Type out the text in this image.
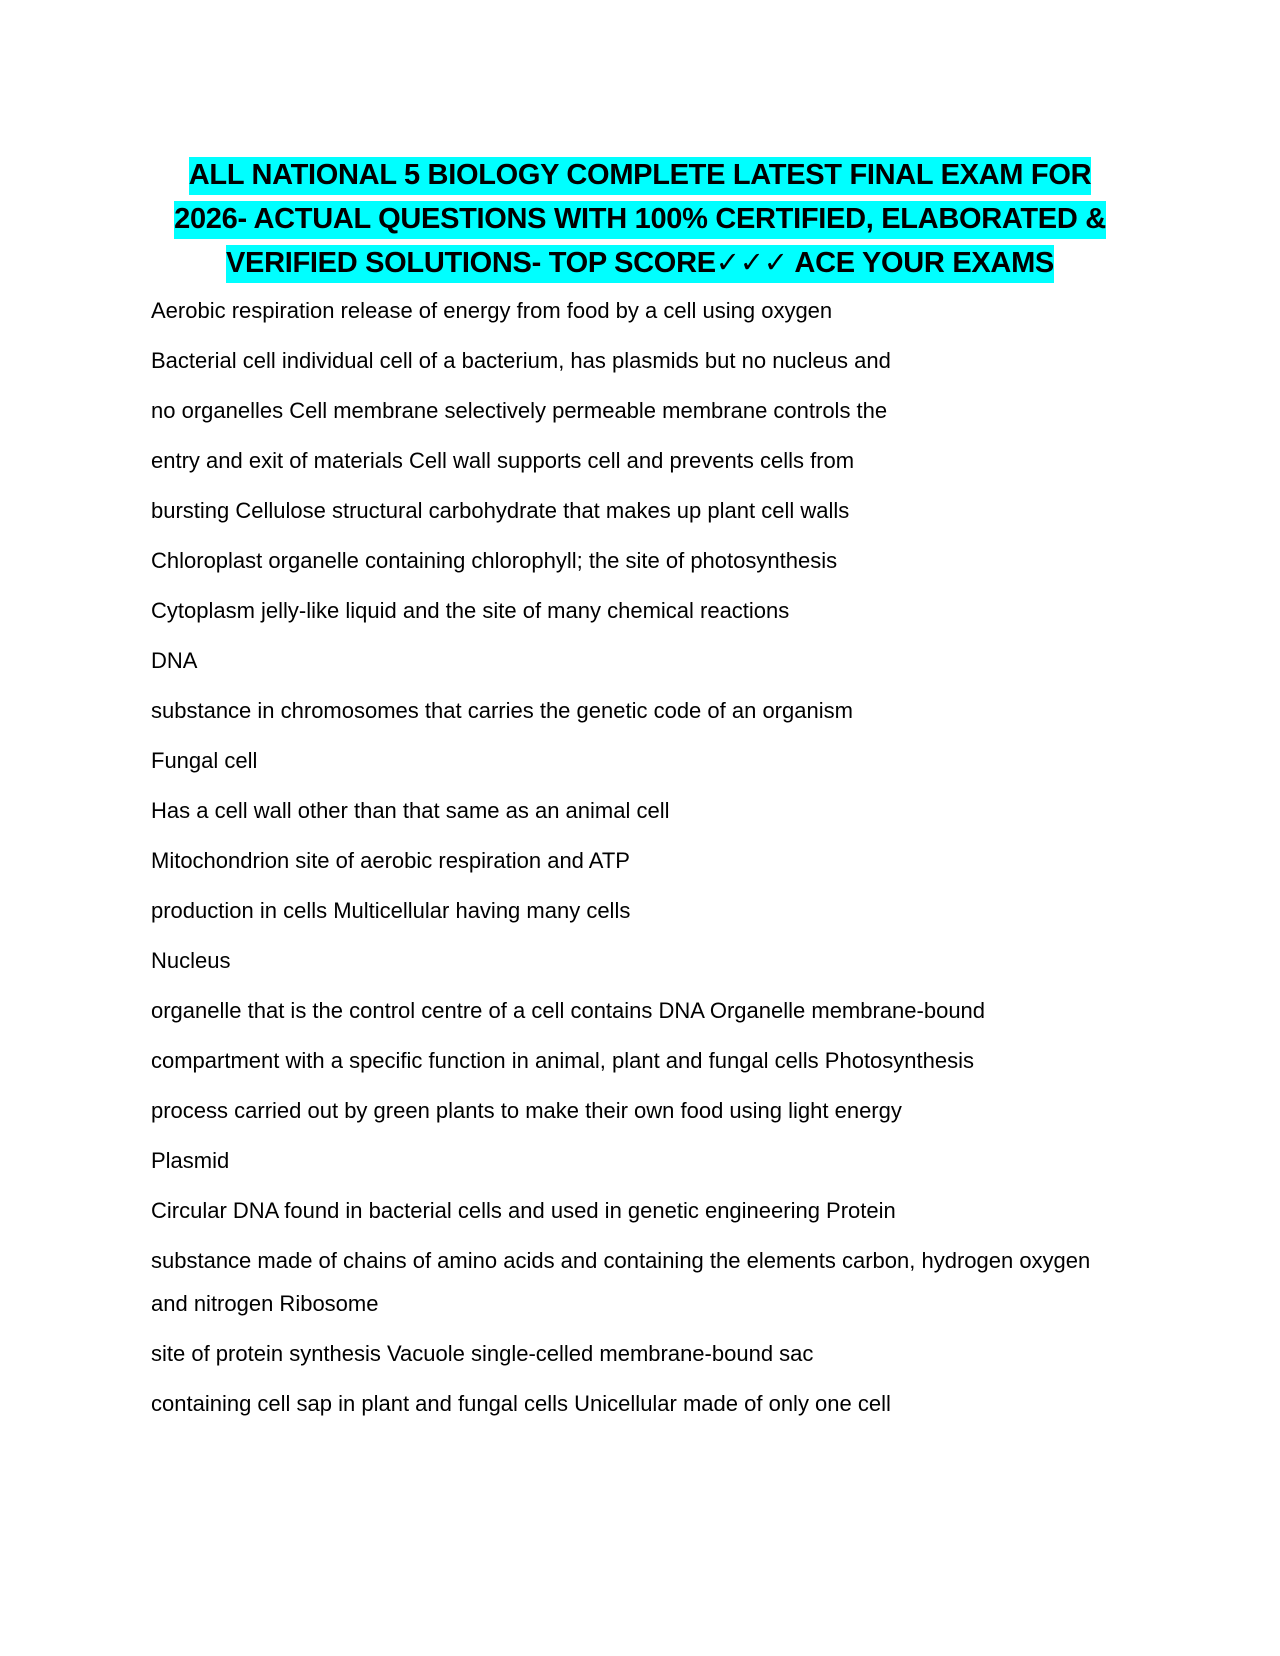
ALL NATIONAL 5 BIOLOGY COMPLETE LATEST FINAL EXAM FOR
2026- ACTUAL QUESTIONS WITH 100% CERTIFIED, ELABORATED &
VERIFIED SOLUTIONS- TOP SCORE✓✓✓ ACE YOUR EXAMS

Aerobic respiration release of energy from food by a cell using oxygen

Bacterial cell individual cell of a bacterium, has plasmids but no nucleus and

no organelles Cell membrane selectively permeable membrane controls the

entry and exit of materials Cell wall supports cell and prevents cells from

bursting Cellulose structural carbohydrate that makes up plant cell walls

Chloroplast organelle containing chlorophyll; the site of photosynthesis

Cytoplasm jelly-like liquid and the site of many chemical reactions

DNA

substance in chromosomes that carries the genetic code of an organism

Fungal cell

Has a cell wall other than that same as an animal cell

Mitochondrion site of aerobic respiration and ATP

production in cells Multicellular having many cells

Nucleus

organelle that is the control centre of a cell contains DNA Organelle membrane-bound

compartment with a specific function in animal, plant and fungal cells Photosynthesis

process carried out by green plants to make their own food using light energy

Plasmid

Circular DNA found in bacterial cells and used in genetic engineering Protein

substance made of chains of amino acids and containing the elements carbon, hydrogen oxygen

and nitrogen Ribosome

site of protein synthesis Vacuole single-celled membrane-bound sac

containing cell sap in plant and fungal cells Unicellular made of only one cell
